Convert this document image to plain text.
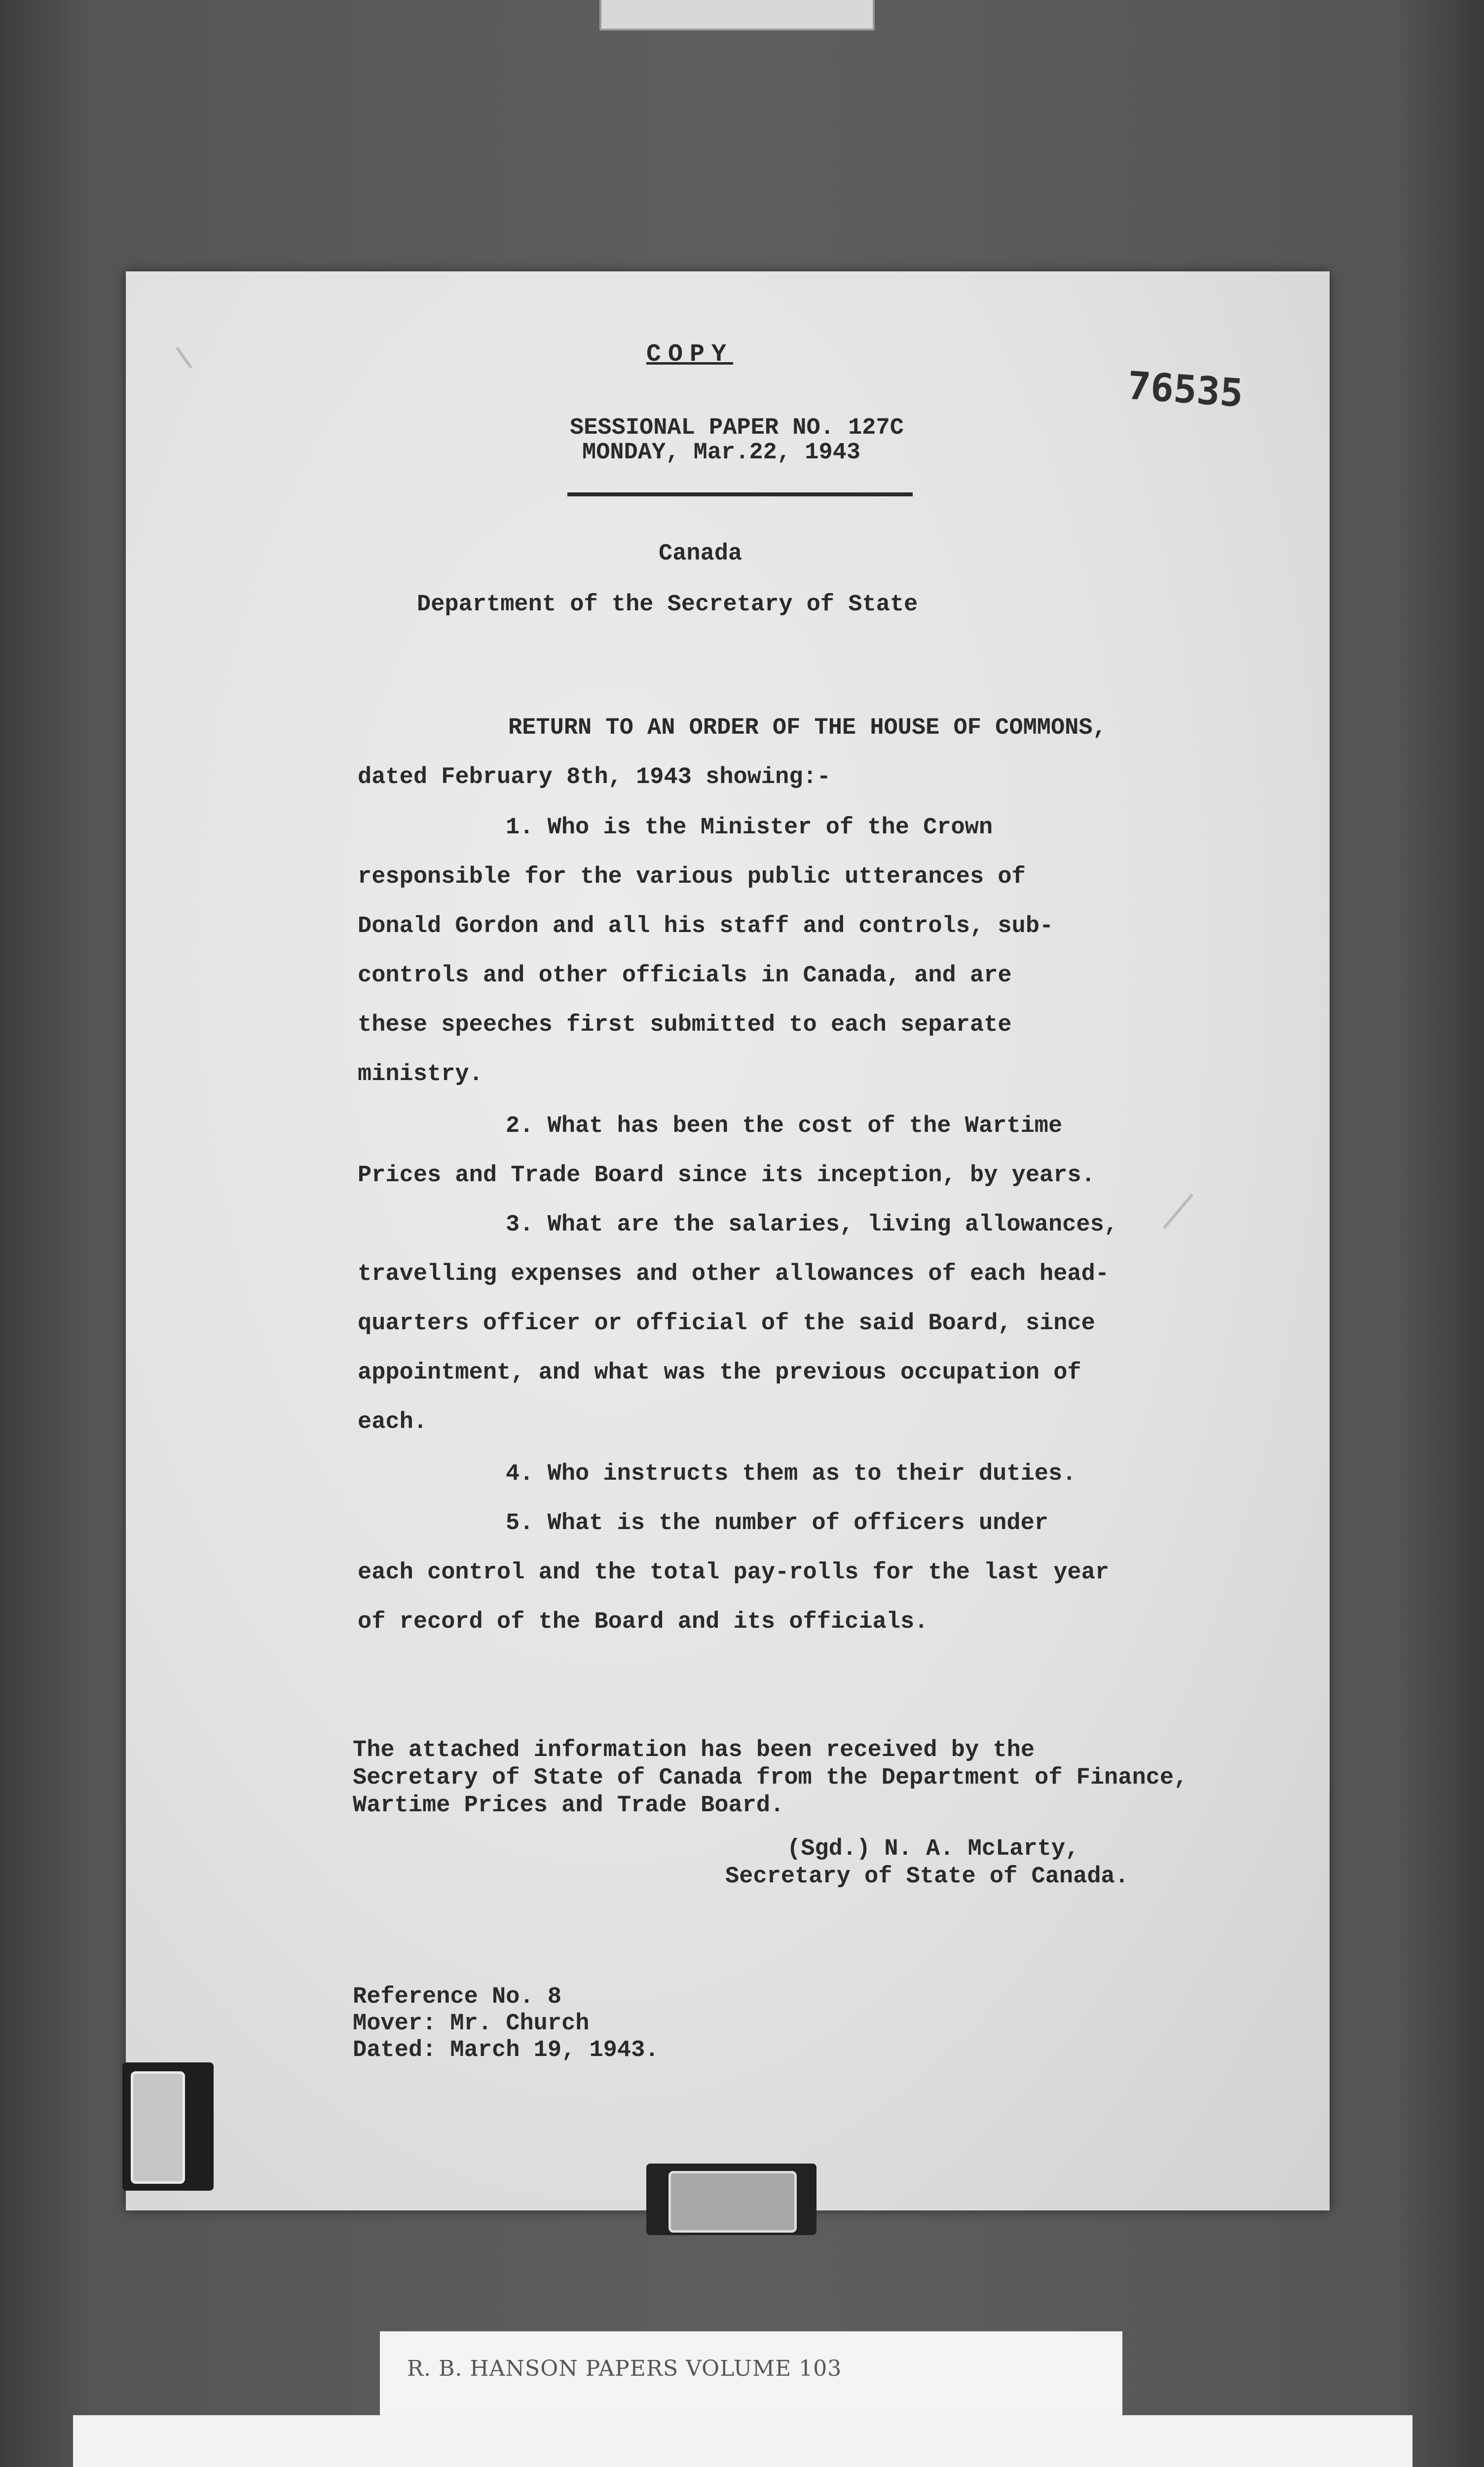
COPY
76535
SESSIONAL PAPER NO. 127C
MONDAY, Mar.22, 1943
Canada
Department of the Secretary of State
RETURN TO AN ORDER OF THE HOUSE OF COMMONS,
dated February 8th, 1943 showing:-
1. Who is the Minister of the Crown
responsible for the various public utterances of
Donald Gordon and all his staff and controls, sub-
controls and other officials in Canada, and are
these speeches first submitted to each separate
ministry.
2. What has been the cost of the Wartime
Prices and Trade Board since its inception, by years.
3. What are the salaries, living allowances,
travelling expenses and other allowances of each head-
quarters officer or official of the said Board, since
appointment, and what was the previous occupation of
each.
4. Who instructs them as to their duties.
5. What is the number of officers under
each control and the total pay-rolls for the last year
of record of the Board and its officials.
The attached information has been received by the
Secretary of State of Canada from the Department of Finance,
Wartime Prices and Trade Board.
(Sgd.) N. A. McLarty,
Secretary of State of Canada.
Reference No. 8
Mover: Mr. Church
Dated: March 19, 1943.
R. B. HANSON PAPERS VOLUME 103
